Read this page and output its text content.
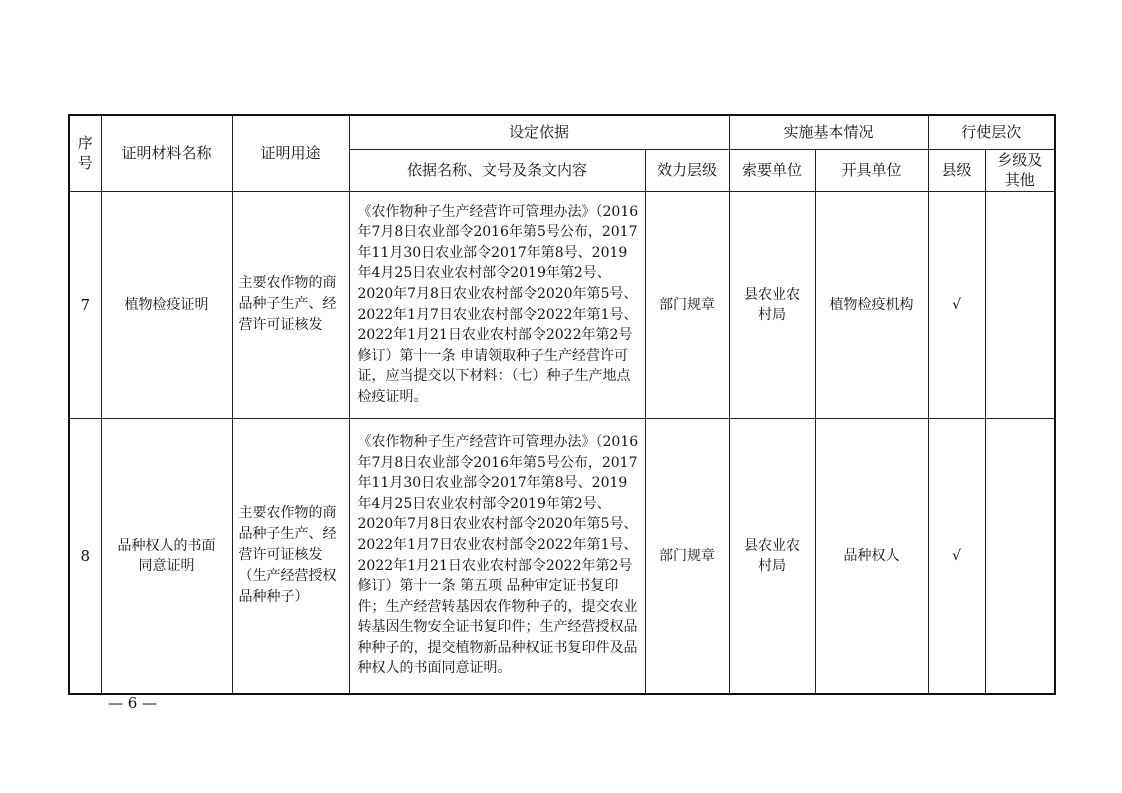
序
号	证明材料名称	证明用途	设定依据		实施基本情况		行使层次	
			依据名称、文号及条文内容	效力层级	索要单位	开具单位	县级	乡级及其他
7	植物检疫证明	主要农作物的商品种子生产、经营许可证核发	《农作物种子生产经营许可管理办法》（2016年7月8日农业部令2016年第5号公布，2017年11月30日农业部令2017年第8号、2019年4月25日农业农村部令2019年第2号、2020年7月8日农业农村部令2020年第5号、2022年1月7日农业农村部令2022年第1号、2022年1月21日农业农村部令2022年第2号修订）第十一条 申请领取种子生产经营许可证，应当提交以下材料：（七）种子生产地点检疫证明。	部门规章	县农业农村局	植物检疫机构	√	
8	品种权人的书面同意证明	主要农作物的商品种子生产、经营许可证核发（生产经营授权品种种子）	《农作物种子生产经营许可管理办法》（2016年7月8日农业部令2016年第5号公布，2017年11月30日农业部令2017年第8号、2019年4月25日农业农村部令2019年第2号、2020年7月8日农业农村部令2020年第5号、2022年1月7日农业农村部令2022年第1号、2022年1月21日农业农村部令2022年第2号修订）第十一条 第五项 品种审定证书复印件；生产经营转基因农作物种子的，提交农业转基因生物安全证书复印件；生产经营授权品种种子的，提交植物新品种权证书复印件及品种权人的书面同意证明。	部门规章	县农业农村局	品种权人	√	
— 6 —
